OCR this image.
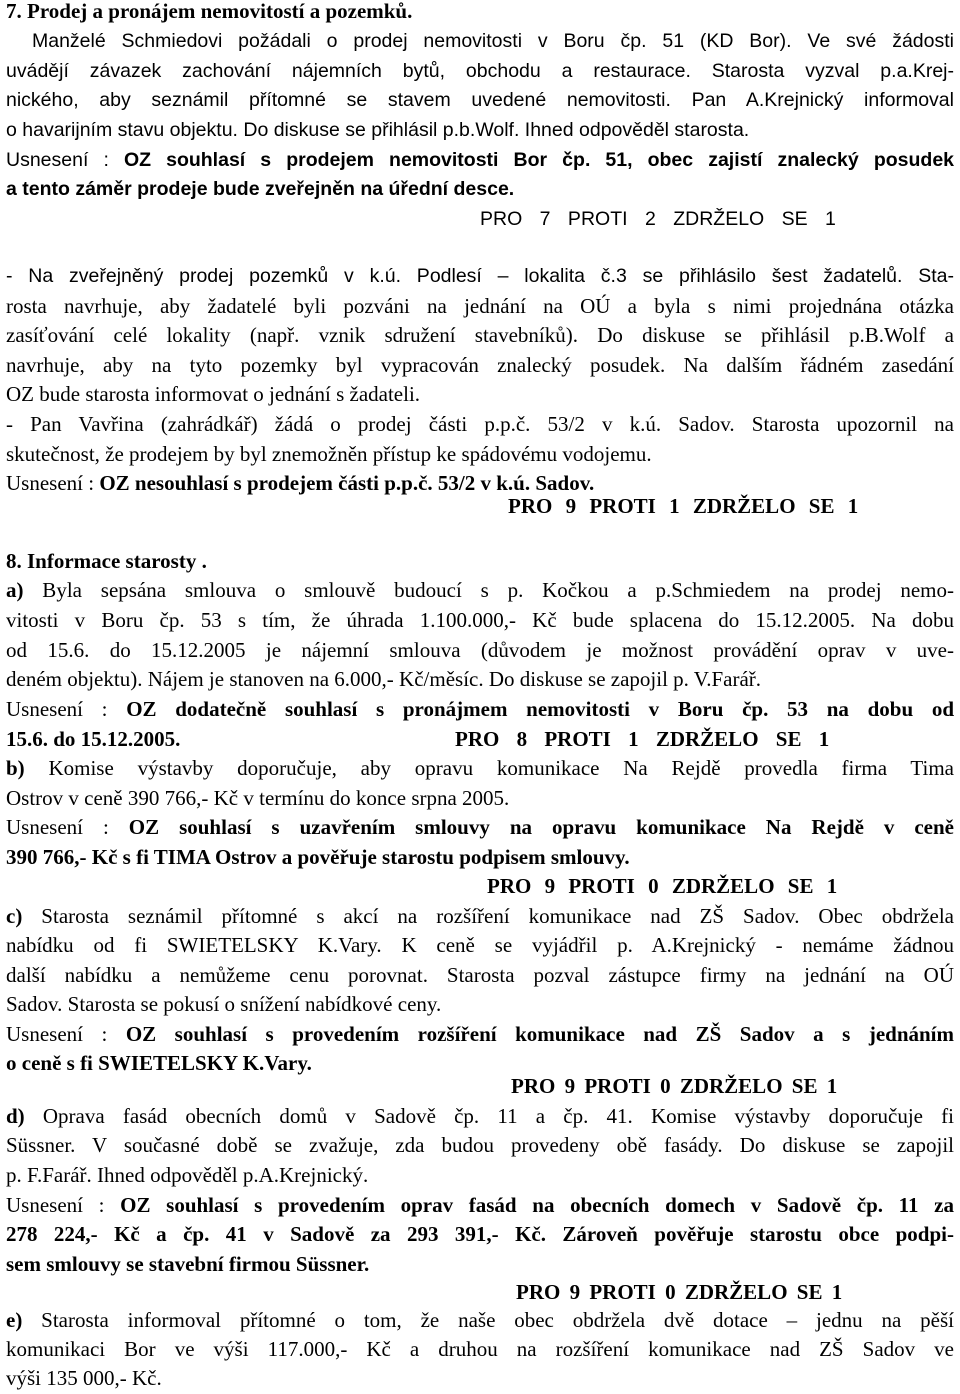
7. Prodej a pronájem nemovitostí a pozemků.
Manželé Schmiedovi požádali o prodej nemovitosti v Boru čp. 51 (KD Bor). Ve své žádosti
uvádějí závazek zachování nájemních bytů, obchodu a restaurace. Starosta vyzval p.a.Krej-
nického, aby seznámil přítomné se stavem uvedené nemovitosti. Pan A.Krejnický informoval
o havarijním stavu objektu. Do diskuse se přihlásil p.b.Wolf. Ihned odpověděl starosta.
Usnesení : OZ souhlasí s prodejem nemovitosti Bor čp. 51, obec zajistí znalecký posudek
a tento záměr prodeje bude zveřejněn na úřední desce.
PRO 7 PROTI 2 ZDRŽELO SE 1
- Na zveřejněný prodej pozemků v k.ú. Podlesí – lokalita č.3 se přihlásilo šest žadatelů. Sta-
rosta navrhuje, aby žadatelé byli pozváni na jednání na OÚ a byla s nimi projednána otázka
zasíťování celé lokality (např. vznik sdružení stavebníků). Do diskuse se přihlásil p.B.Wolf a
navrhuje, aby na tyto pozemky byl vypracován znalecký posudek. Na dalším řádném zasedání
OZ bude starosta informovat o jednání s žadateli.
- Pan Vavřina (zahrádkář) žádá o prodej části p.p.č. 53/2 v k.ú. Sadov. Starosta upozornil na
skutečnost, že prodejem by byl znemožněn přístup ke spádovému vodojemu.
Usnesení : OZ nesouhlasí s prodejem části p.p.č. 53/2 v k.ú. Sadov.
PRO 9 PROTI 1 ZDRŽELO SE 1
8. Informace starosty .
a) Byla sepsána smlouva o smlouvě budoucí s p. Kočkou a p.Schmiedem na prodej nemo-
vitosti v Boru čp. 53 s tím, že úhrada 1.100.000,- Kč bude splacena do 15.12.2005. Na dobu
od 15.6. do 15.12.2005 je nájemní smlouva (důvodem je možnost provádění oprav v uve-
deném objektu). Nájem je stanoven na 6.000,- Kč/měsíc. Do diskuse se zapojil p. V.Farář.
Usnesení : OZ dodatečně souhlasí s pronájmem nemovitosti v Boru čp. 53 na dobu od
15.6. do 15.12.2005.	PRO 8 PROTI 1 ZDRŽELO SE 1
b) Komise výstavby doporučuje, aby opravu komunikace Na Rejdě provedla firma Tima
Ostrov v ceně 390 766,- Kč v termínu do konce srpna 2005.
Usnesení : OZ souhlasí s uzavřením smlouvy na opravu komunikace Na Rejdě v ceně
390 766,- Kč s fi TIMA Ostrov a pověřuje starostu podpisem smlouvy.
PRO 9 PROTI 0 ZDRŽELO SE 1
c) Starosta seznámil přítomné s akcí na rozšíření komunikace nad ZŠ Sadov. Obec obdržela
nabídku od fi SWIETELSKY K.Vary. K ceně se vyjádřil p. A.Krejnický - nemáme žádnou
další nabídku a nemůžeme cenu porovnat. Starosta pozval zástupce firmy na jednání na OÚ
Sadov. Starosta se pokusí o snížení nabídkové ceny.
Usnesení : OZ souhlasí s provedením rozšíření komunikace nad ZŠ Sadov a s jednáním
o ceně s fi SWIETELSKY K.Vary.
PRO 9 PROTI 0 ZDRŽELO SE 1
d) Oprava fasád obecních domů v Sadově čp. 11 a čp. 41. Komise výstavby doporučuje fi
Süssner. V současné době se zvažuje, zda budou provedeny obě fasády. Do diskuse se zapojil
p. F.Farář. Ihned odpověděl p.A.Krejnický.
Usnesení : OZ souhlasí s provedením oprav fasád na obecních domech v Sadově čp. 11 za
278 224,- Kč a čp. 41 v Sadově za 293 391,- Kč. Zároveň pověřuje starostu obce podpi-
sem smlouvy se stavební firmou Süssner.
PRO 9 PROTI 0 ZDRŽELO SE 1
e) Starosta informoval přítomné o tom, že naše obec obdržela dvě dotace – jednu na pěší
komunikaci Bor ve výši 117.000,- Kč a druhou na rozšíření komunikace nad ZŠ Sadov ve
výši 135 000,- Kč.
